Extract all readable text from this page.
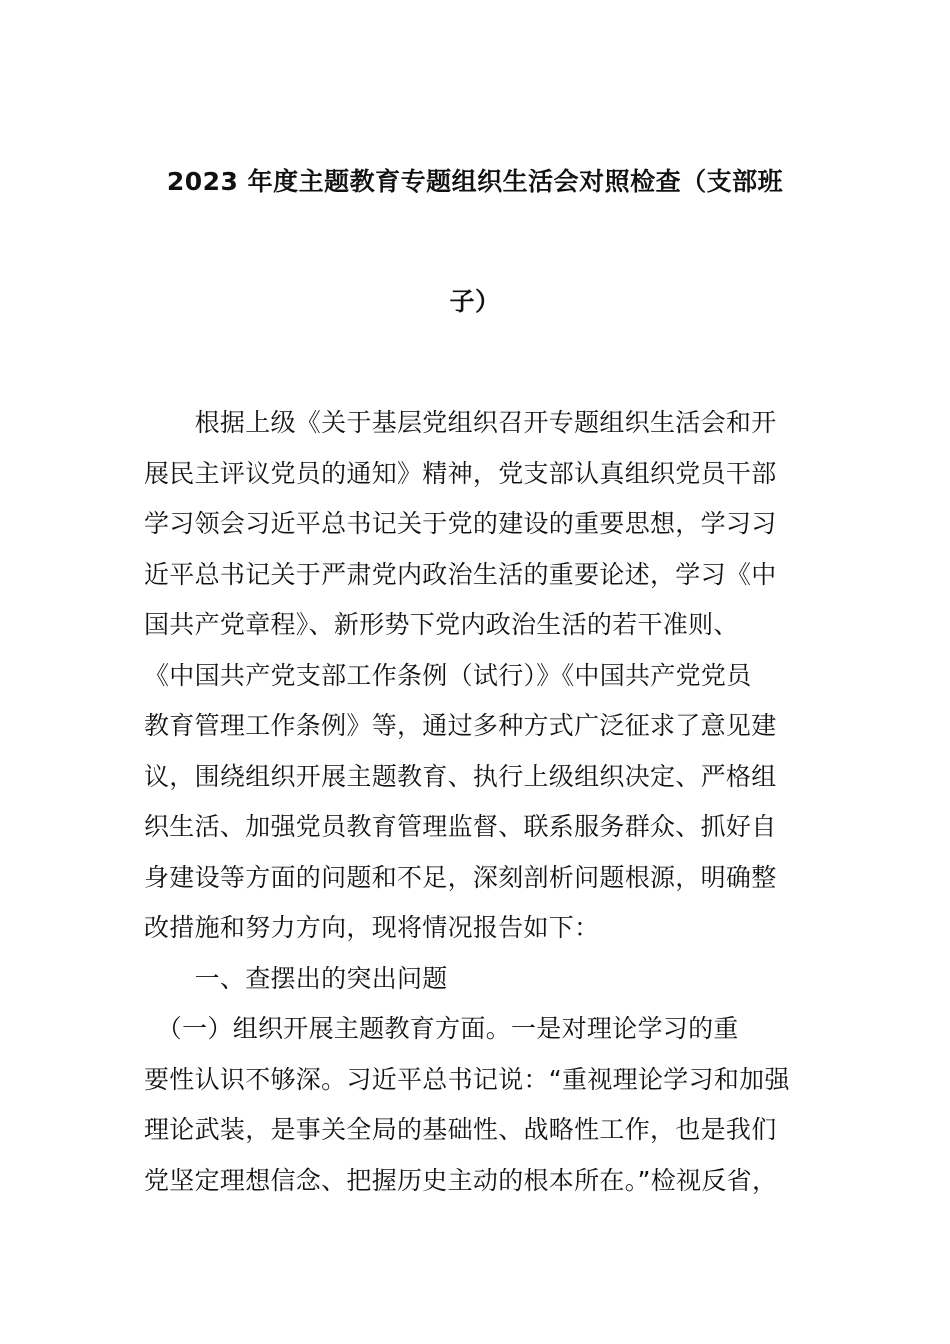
2023 年度主题教育专题组织生活会对照检查（支部班
子）
　　根据上级《关于基层党组织召开专题组织生活会和开
展民主评议党员的通知》精神，党支部认真组织党员干部
学习领会习近平总书记关于党的建设的重要思想，学习习
近平总书记关于严肃党内政治生活的重要论述，学习《中
国共产党章程》、新形势下党内政治生活的若干准则、
《中国共产党支部工作条例（试行）》《中国共产党党员
教育管理工作条例》等，通过多种方式广泛征求了意见建
议，围绕组织开展主题教育、执行上级组织决定、严格组
织生活、加强党员教育管理监督、联系服务群众、抓好自
身建设等方面的问题和不足，深刻剖析问题根源，明确整
改措施和努力方向，现将情况报告如下：
　　一、查摆出的突出问题
　（一）组织开展主题教育方面。一是对理论学习的重
要性认识不够深。习近平总书记说：“重视理论学习和加强
理论武装，是事关全局的基础性、战略性工作，也是我们
党坚定理想信念、把握历史主动的根本所在。”检视反省，
